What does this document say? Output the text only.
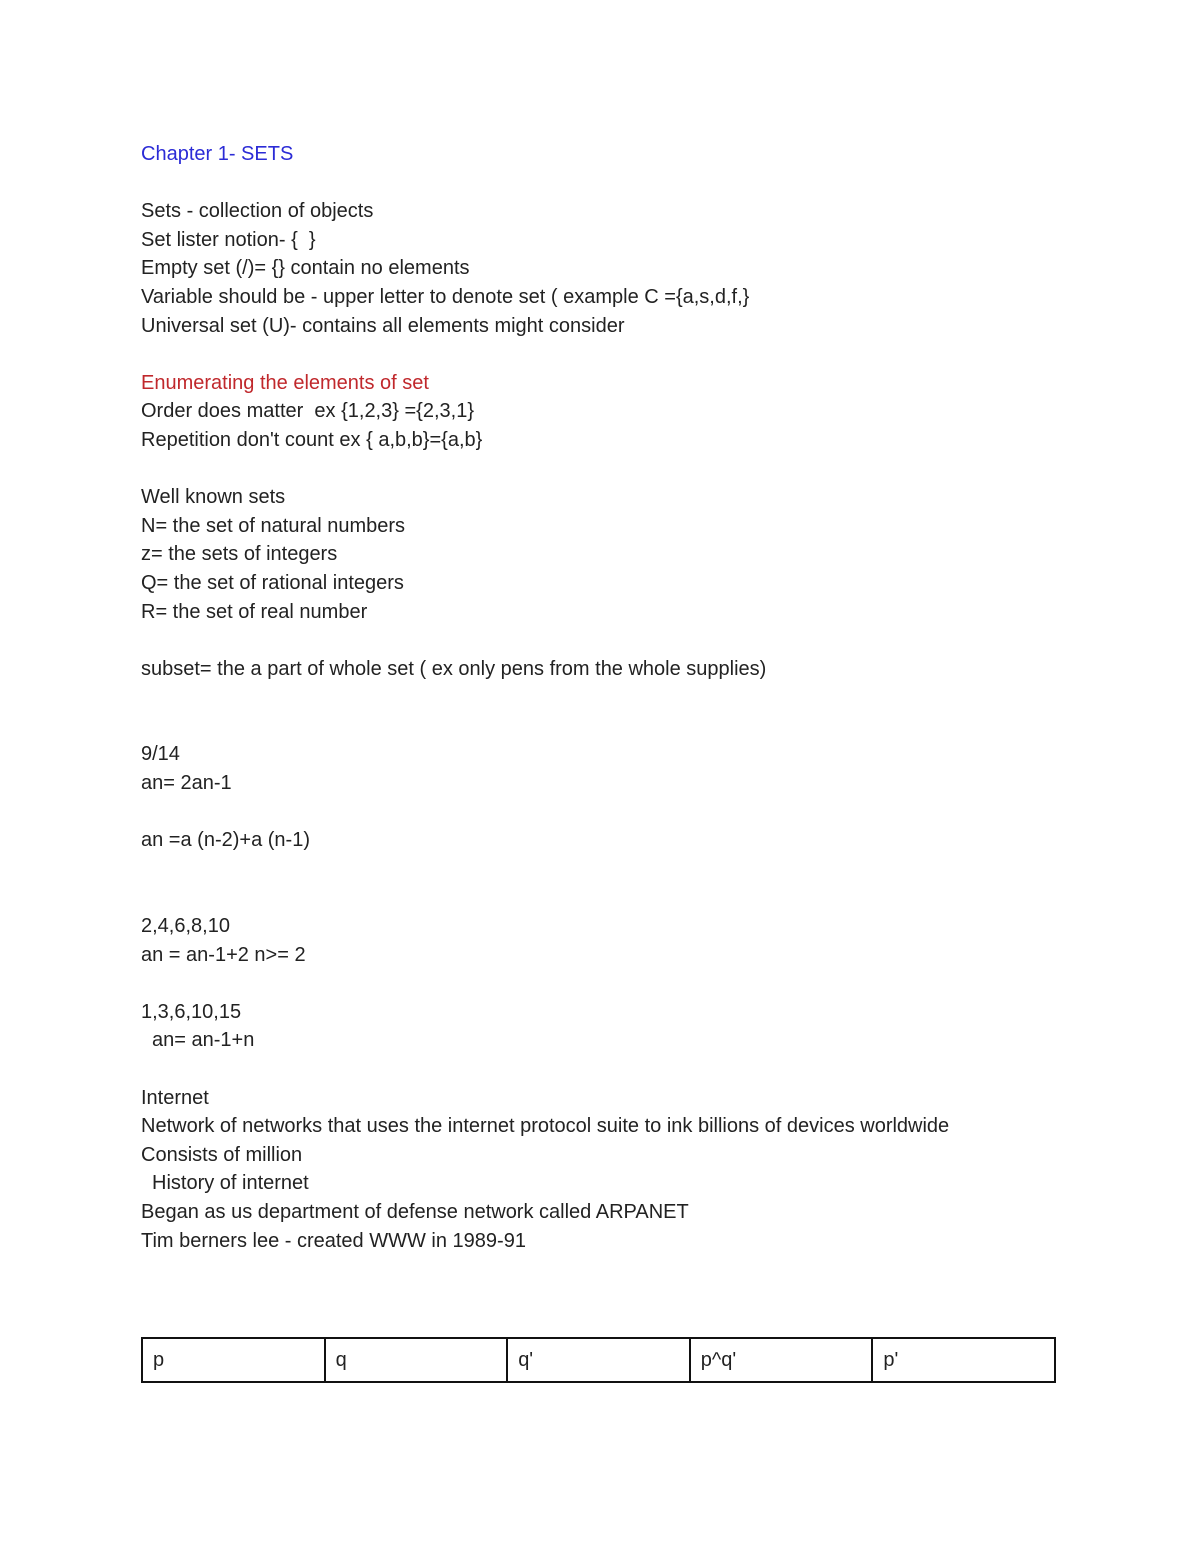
Chapter 1- SETS
Sets - collection of objects
Set lister notion- {  }
Empty set (/)= {} contain no elements
Variable should be - upper letter to denote set ( example C ={a,s,d,f,}
Universal set (U)- contains all elements might consider
Enumerating the elements of set
Order does matter  ex {1,2,3} ={2,3,1}
Repetition don't count ex { a,b,b}={a,b}
Well known sets
N= the set of natural numbers
z= the sets of integers
Q= the set of rational integers
R= the set of real number
subset= the a part of whole set ( ex only pens from the whole supplies)
9/14
an= 2an-1
an =a (n-2)+a (n-1)
2,4,6,8,10
an = an-1+2 n>= 2
1,3,6,10,15
an= an-1+n
Internet
Network of networks that uses the internet protocol suite to ink billions of devices worldwide
Consists of million
History of internet
Began as us department of defense network called ARPANET
Tim berners lee - created WWW in 1989-91
p	q	q'	p^q'	p'
